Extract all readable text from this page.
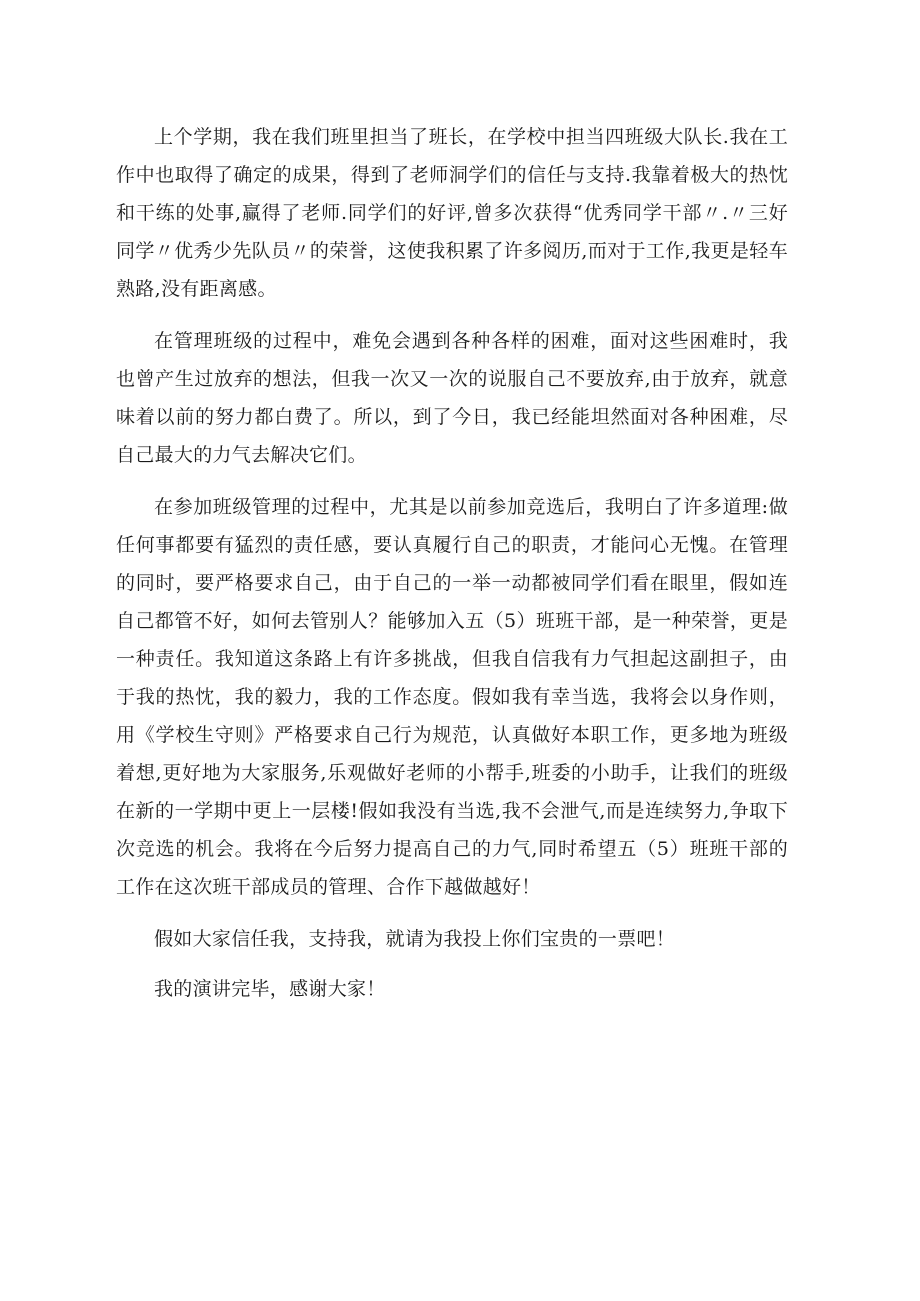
上个学期，我在我们班里担当了班长，在学校中担当四班级大队长.我在工作中也取得了确定的成果，得到了老师洞学们的信任与支持.我靠着极大的热忱和干练的处事,赢得了老师.同学们的好评,曾多次获得“优秀同学干部〃.〃三好同学〃优秀少先队员〃的荣誉，这使我积累了许多阅历,而对于工作,我更是轻车熟路,没有距离感。

在管理班级的过程中，难免会遇到各种各样的困难，面对这些困难时，我也曾产生过放弃的想法，但我一次又一次的说服自己不要放弃,由于放弃，就意味着以前的努力都白费了。所以，到了今日，我已经能坦然面对各种困难，尽自己最大的力气去解决它们。

在参加班级管理的过程中，尤其是以前参加竞选后，我明白了许多道理:做任何事都要有猛烈的责任感，要认真履行自己的职责，才能问心无愧。在管理的同时，要严格要求自己，由于自己的一举一动都被同学们看在眼里，假如连自己都管不好，如何去管别人？能够加入五（5）班班干部，是一种荣誉，更是一种责任。我知道这条路上有许多挑战，但我自信我有力气担起这副担子，由于我的热忱，我的毅力，我的工作态度。假如我有幸当选，我将会以身作则，用《学校生守则》严格要求自己行为规范，认真做好本职工作，更多地为班级着想,更好地为大家服务,乐观做好老师的小帮手,班委的小助手，让我们的班级在新的一学期中更上一层楼!假如我没有当选,我不会泄气,而是连续努力,争取下次竞选的机会。我将在今后努力提高自己的力气,同时希望五（5）班班干部的工作在这次班干部成员的管理、合作下越做越好！

假如大家信任我，支持我，就请为我投上你们宝贵的一票吧！

我的演讲完毕，感谢大家！
